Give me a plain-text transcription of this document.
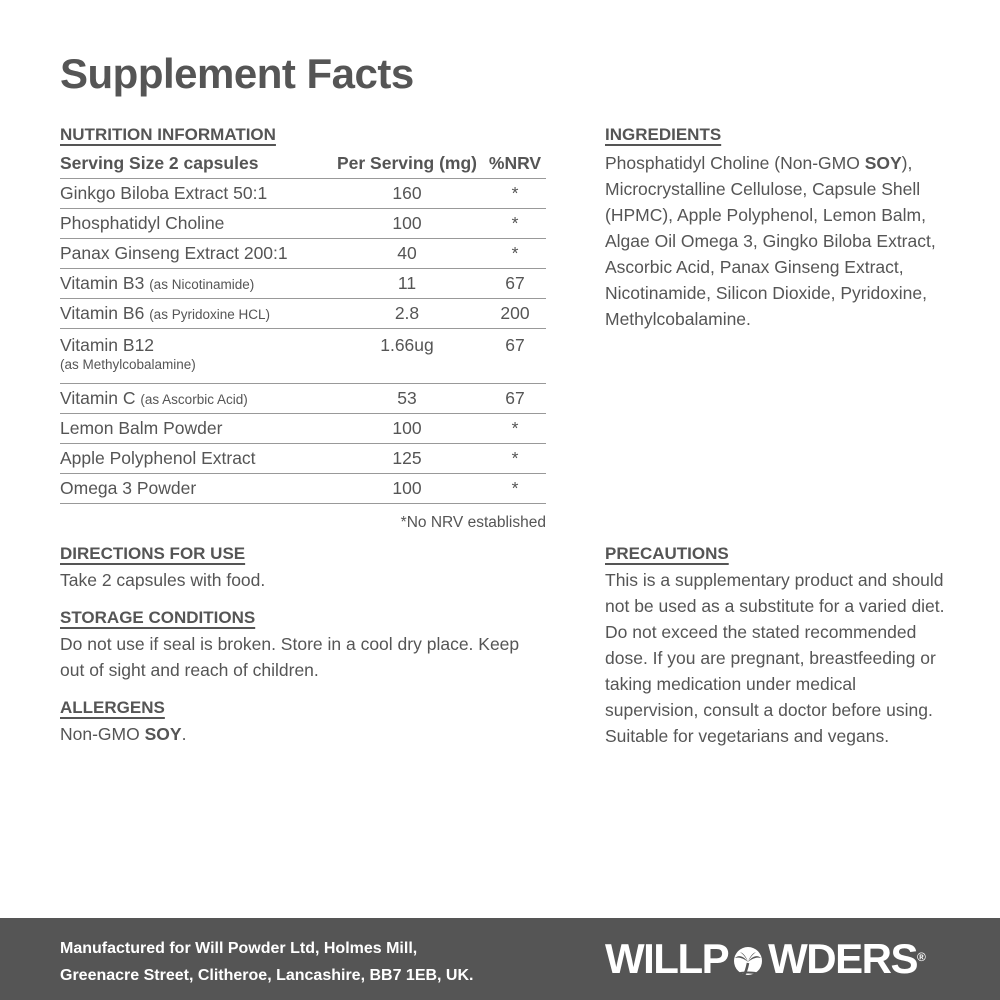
Supplement Facts
NUTRITION INFORMATION
Serving Size 2 capsules	Per Serving (mg)	%NRV
Ginkgo Biloba Extract 50:1	160	*
Phosphatidyl Choline	100	*
Panax Ginseng Extract 200:1	40	*
Vitamin B3 (as Nicotinamide)	11	67
Vitamin B6 (as Pyridoxine HCL)	2.8	200
Vitamin B12
(as Methylcobalamine)	1.66ug	67
Vitamin C (as Ascorbic Acid)	53	67
Lemon Balm Powder	100	*
Apple Polyphenol Extract	125	*
Omega 3 Powder	100	*
*No NRV established
INGREDIENTS

Phosphatidyl Choline (Non-GMO SOY), Microcrystalline Cellulose, Capsule Shell (HPMC), Apple Polyphenol, Lemon Balm, Algae Oil Omega 3, Gingko Biloba Extract, Ascorbic Acid, Panax Ginseng Extract, Nicotinamide, Silicon Dioxide, Pyridoxine, Methylcobalamine.

DIRECTIONS FOR USE

Take 2 capsules with food.

STORAGE CONDITIONS

Do not use if seal is broken. Store in a cool dry place. Keep out of sight and reach of children.

ALLERGENS

Non-GMO SOY.

PRECAUTIONS

This is a supplementary product and should not be used as a substitute for a varied diet. Do not exceed the stated recommended dose. If you are pregnant, breastfeeding or taking medication under medical supervision, consult a doctor before using. Suitable for vegetarians and vegans.

Manufactured for Will Powder Ltd, Holmes Mill,
Greenacre Street, Clitheroe, Lancashire, BB7 1EB, UK.	WILLP WDERS®
